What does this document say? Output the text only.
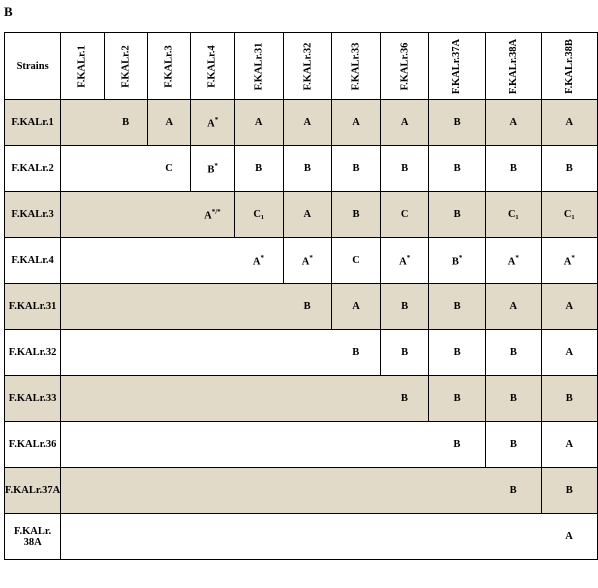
B
Strains	F.KALr.1	F.KALr.2	F.KALr.3	F.KALr.4	F.KALr.31	F.KALr.32	F.KALr.33	F.KALr.36	F.KALr.37A	F.KALr.38A	F.KALr.38B
F.KALr.1		B	A	A*	A	A	A	A	B	A	A
F.KALr.2			C	B*	B	B	B	B	B	B	B
F.KALr.3				A*/*	C₁	A	B	C	B	C₁	C₁
F.KALr.4					A*	A*	C	A*	B*	A*	A*
F.KALr.31						B	A	B	B	A	A
F.KALr.32							B	B	B	B	A
F.KALr.33								B	B	B	B
F.KALr.36									B	B	A
F.KALr.37A										B	B
F.KALr. 38A											A
